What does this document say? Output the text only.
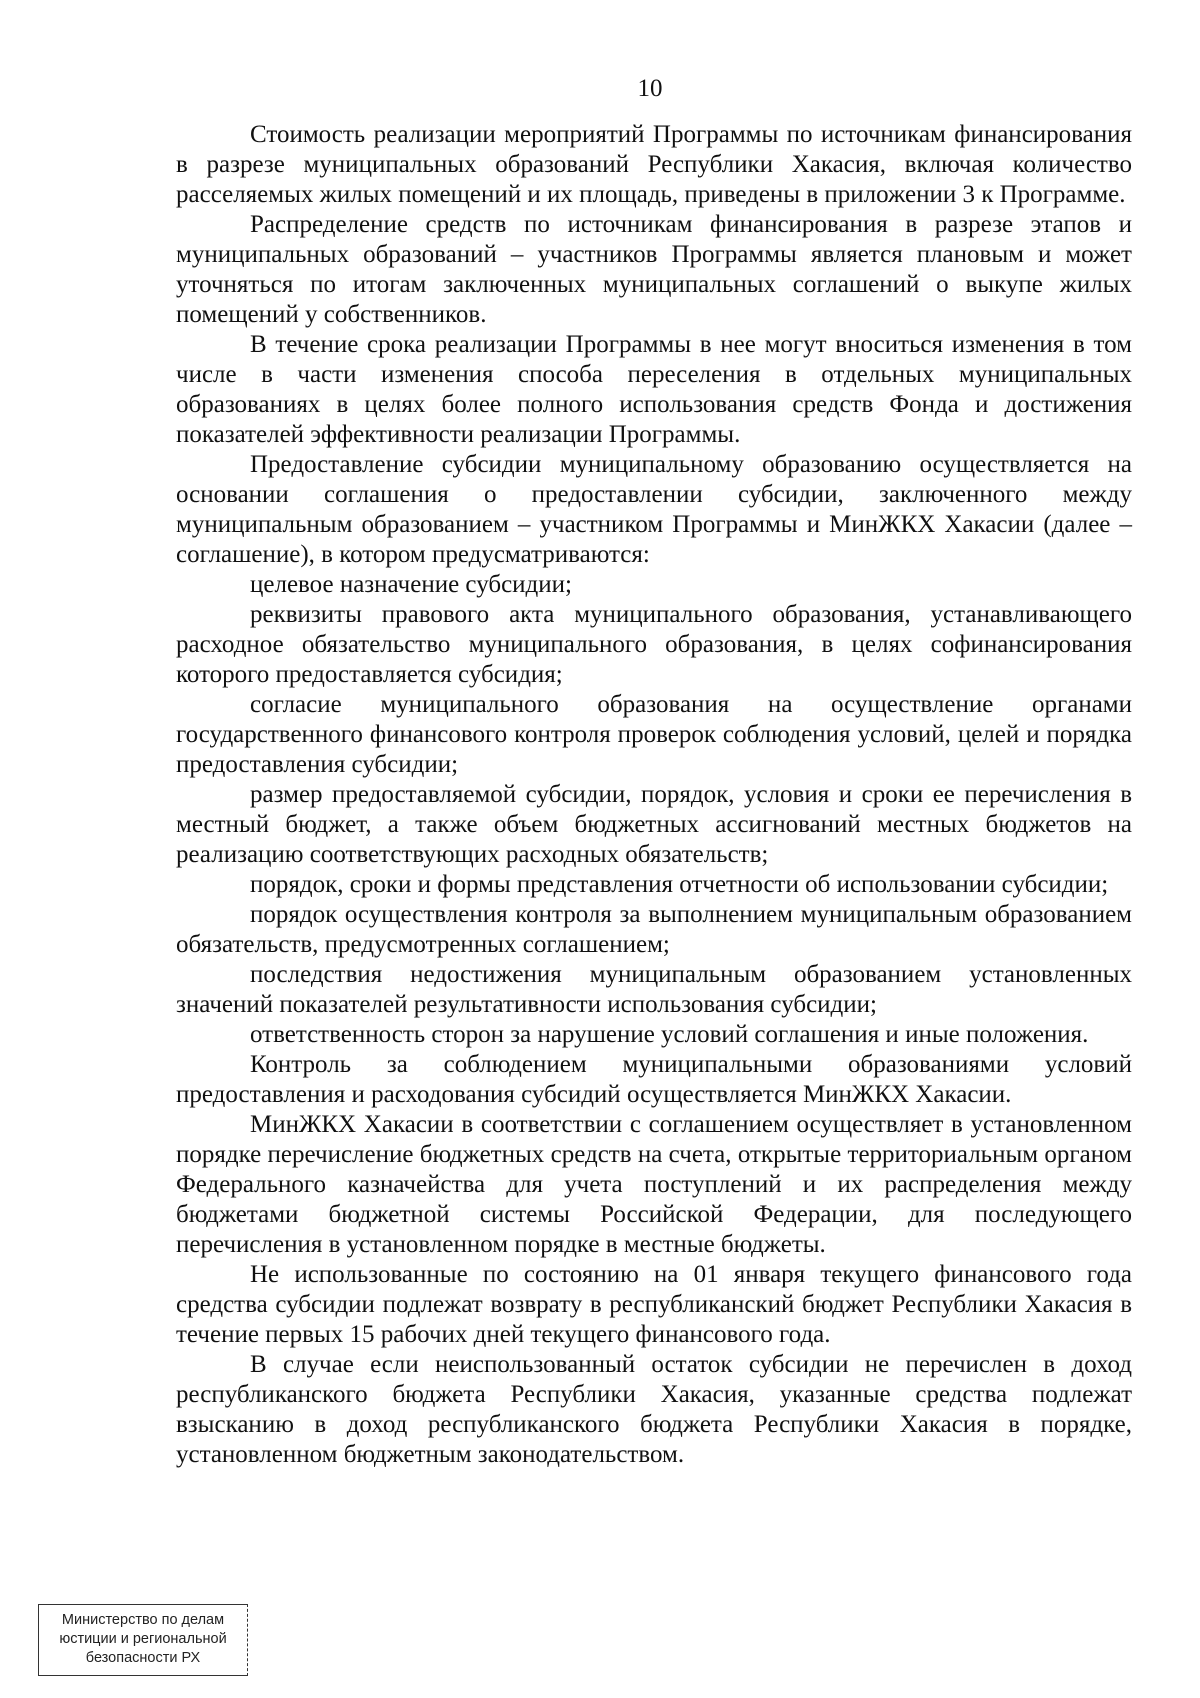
10

Стоимость реализации мероприятий Программы по источникам финансирования в разрезе муниципальных образований Республики Хакасия, включая количество расселяемых жилых помещений и их площадь, приведены в приложении 3 к Программе.

Распределение средств по источникам финансирования в разрезе этапов и муниципальных образований – участников Программы является плановым и может уточняться по итогам заключенных муниципальных соглашений о выкупе жилых помещений у собственников.

В течение срока реализации Программы в нее могут вноситься изменения в том числе в части изменения способа переселения в отдельных муниципальных образованиях в целях более полного использования средств Фонда и достижения показателей эффективности реализации Программы.

Предоставление субсидии муниципальному образованию осуществляется на основании соглашения о предоставлении субсидии, заключенного между муниципальным образованием – участником Программы и МинЖКХ Хакасии (далее – соглашение), в котором предусматриваются:

целевое назначение субсидии;

реквизиты правового акта муниципального образования, устанавливающего расходное обязательство муниципального образования, в целях софинансирования которого предоставляется субсидия;

согласие муниципального образования на осуществление органами государственного финансового контроля проверок соблюдения условий, целей и порядка предоставления субсидии;

размер предоставляемой субсидии, порядок, условия и сроки ее перечисления в местный бюджет, а также объем бюджетных ассигнований местных бюджетов на реализацию соответствующих расходных обязательств;

порядок, сроки и формы представления отчетности об использовании субсидии;

порядок осуществления контроля за выполнением муниципальным образованием обязательств, предусмотренных соглашением;

последствия недостижения муниципальным образованием установленных значений показателей результативности использования субсидии;

ответственность сторон за нарушение условий соглашения и иные положения.

Контроль за соблюдением муниципальными образованиями условий предоставления и расходования субсидий осуществляется МинЖКХ Хакасии.

МинЖКХ Хакасии в соответствии с соглашением осуществляет в установленном порядке перечисление бюджетных средств на счета, открытые территориальным органом Федерального казначейства для учета поступлений и их распределения между бюджетами бюджетной системы Российской Федерации, для последующего перечисления в установленном порядке в местные бюджеты.

Не использованные по состоянию на 01 января текущего финансового года средства субсидии подлежат возврату в республиканский бюджет Республики Хакасия в течение первых 15 рабочих дней текущего финансового года.

В случае если неиспользованный остаток субсидии не перечислен в доход республиканского бюджета Республики Хакасия, указанные средства подлежат взысканию в доход республиканского бюджета Республики Хакасия в порядке, установленном бюджетным законодательством.

Министерство по делам
юстиции и региональной
безопасности РХ
